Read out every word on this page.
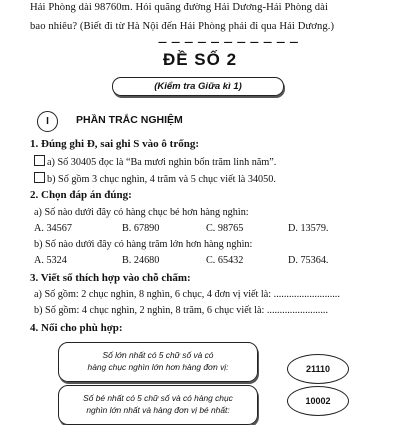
Hải Phòng dài 98760m. Hỏi quãng đường Hải Dương-Hải Phòng dài
bao nhiêu? (Biết đi từ Hà Nội đến Hải Phòng phải đi qua Hải Dương.)
— — — — — — — — — — —
ĐỀ SỐ 2
(Kiểm tra Giữa kì 1)
I	PHẦN TRẮC NGHIỆM
1. Đúng ghi Đ, sai ghi S vào ô trống:
a) Số 30405 đọc là “Ba mươi nghìn bốn trăm linh năm”.
b) Số gồm 3 chục nghìn, 4 trăm và 5 chục viết là 34050.
2. Chọn đáp án đúng:
a) Số nào dưới đây có hàng chục bé hơn hàng nghìn:
A. 34567	B. 67890	C. 98765	D. 13579.
b) Số nào dưới đây có hàng trăm lớn hơn hàng nghìn:
A. 5324	B. 24680	C. 65432	D. 75364.
3. Viết số thích hợp vào chỗ chấm:
a) Số gồm: 2 chục nghìn, 8 nghìn, 6 chục, 4 đơn vị viết là: ..........................
b) Số gồm: 4 chục nghìn, 2 nghìn, 8 trăm, 6 chục viết là: ........................
4. Nối cho phù hợp:
Số lớn nhất có 5 chữ số và có
hàng chục nghìn lớn hơn hàng đơn vị:
Số bé nhất có 5 chữ số và có hàng chục
nghìn lớn nhất và hàng đơn vị bé nhất:
21110
10002
